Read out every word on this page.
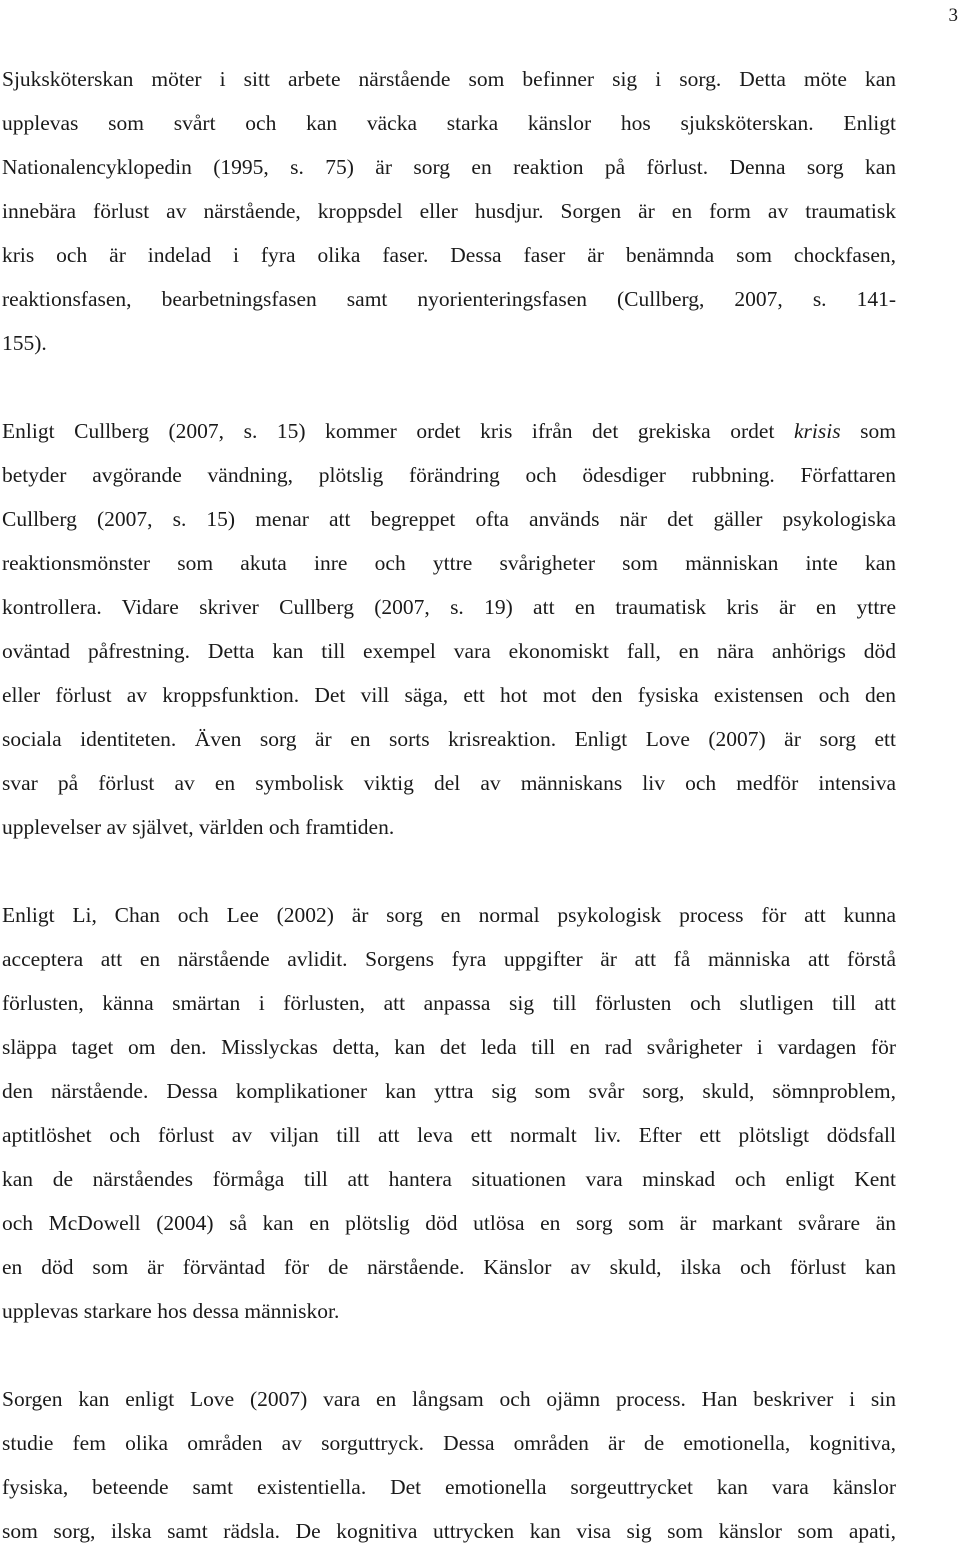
3
Sjuksköterskan möter i sitt arbete närstående som befinner sig i sorg. Detta möte kan
upplevas som svårt och kan väcka starka känslor hos sjuksköterskan. Enligt
Nationalencyklopedin (1995, s. 75) är sorg en reaktion på förlust. Denna sorg kan
innebära förlust av närstående, kroppsdel eller husdjur. Sorgen är en form av traumatisk
kris och är indelad i fyra olika faser. Dessa faser är benämnda som chockfasen,
reaktionsfasen, bearbetningsfasen samt nyorienteringsfasen (Cullberg, 2007, s. 141-
155).
Enligt Cullberg (2007, s. 15) kommer ordet kris ifrån det grekiska ordet krisis som
betyder avgörande vändning, plötslig förändring och ödesdiger rubbning. Författaren
Cullberg (2007, s. 15) menar att begreppet ofta används när det gäller psykologiska
reaktionsmönster som akuta inre och yttre svårigheter som människan inte kan
kontrollera. Vidare skriver Cullberg (2007, s. 19) att en traumatisk kris är en yttre
oväntad påfrestning. Detta kan till exempel vara ekonomiskt fall, en nära anhörigs död
eller förlust av kroppsfunktion. Det vill säga, ett hot mot den fysiska existensen och den
sociala identiteten. Även sorg är en sorts krisreaktion. Enligt Love (2007) är sorg ett
svar på förlust av en symbolisk viktig del av människans liv och medför intensiva
upplevelser av självet, världen och framtiden.
Enligt Li, Chan och Lee (2002) är sorg en normal psykologisk process för att kunna
acceptera att en närstående avlidit. Sorgens fyra uppgifter är att få människa att förstå
förlusten, känna smärtan i förlusten, att anpassa sig till förlusten och slutligen till att
släppa taget om den. Misslyckas detta, kan det leda till en rad svårigheter i vardagen för
den närstående. Dessa komplikationer kan yttra sig som svår sorg, skuld, sömnproblem,
aptitlöshet och förlust av viljan till att leva ett normalt liv. Efter ett plötsligt dödsfall
kan de närståendes förmåga till att hantera situationen vara minskad och enligt Kent
och McDowell (2004) så kan en plötslig död utlösa en sorg som är markant svårare än
en död som är förväntad för de närstående. Känslor av skuld, ilska och förlust kan
upplevas starkare hos dessa människor.
Sorgen kan enligt Love (2007) vara en långsam och ojämn process. Han beskriver i sin
studie fem olika områden av sorguttryck. Dessa områden är de emotionella, kognitiva,
fysiska, beteende samt existentiella. Det emotionella sorgeuttrycket kan vara känslor
som sorg, ilska samt rädsla. De kognitiva uttrycken kan visa sig som känslor som apati,
